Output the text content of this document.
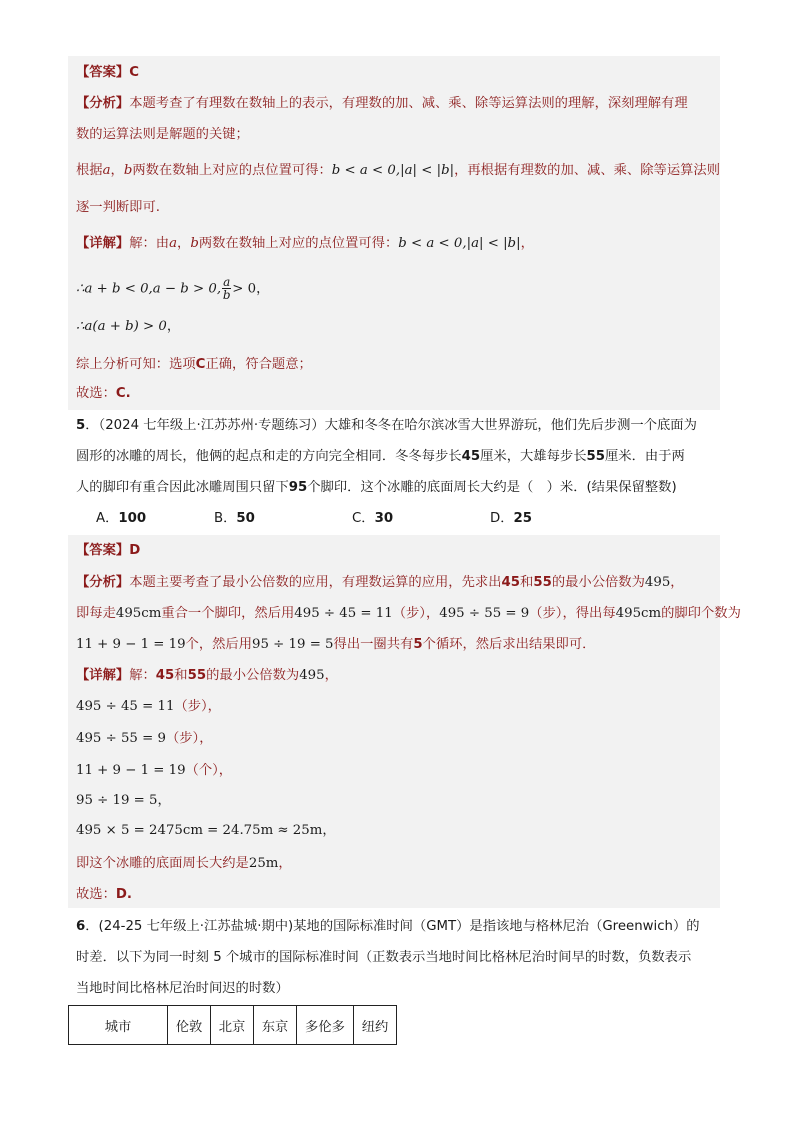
【答案】C
【分析】本题考查了有理数在数轴上的表示，有理数的加、减、乘、除等运算法则的理解，深刻理解有理
数的运算法则是解题的关键；
根据a，b两数在数轴上对应的点位置可得：b < a < 0,|a| < |b|，再根据有理数的加、减、乘、除等运算法则
逐一判断即可.
【详解】解：由a，b两数在数轴上对应的点位置可得：b < a < 0,|a| < |b|，
∴a + b < 0,a − b > 0, $\frac{a}{b} > 0$，
∴a(a + b) > 0，
综上分析可知：选项C正确，符合题意；
故选：C.
5．（2024 七年级上·江苏苏州·专题练习）大雄和冬冬在哈尔滨冰雪大世界游玩，他们先后步测一个底面为
圆形的冰雕的周长，他俩的起点和走的方向完全相同．冬冬每步长45厘米，大雄每步长55厘米．由于两
人的脚印有重合因此冰雕周围只留下95个脚印．这个冰雕的底面周长大约是（　）米．(结果保留整数)
A．100	B．50	C．30	D．25
【答案】D
【分析】本题主要考查了最小公倍数的应用，有理数运算的应用，先求出45和55的最小公倍数为495，
即每走495cm重合一个脚印，然后用495 ÷ 45 = 11（步），495 ÷ 55 = 9（步），得出每495cm的脚印个数为
11 + 9 − 1 = 19个，然后用95 ÷ 19 = 5得出一圈共有5个循环，然后求出结果即可．
【详解】解：45和55的最小公倍数为495，
495 ÷ 45 = 11（步），
495 ÷ 55 = 9（步），
11 + 9 − 1 = 19（个），
95 ÷ 19 = 5，
495 × 5 = 2475cm = 24.75m ≈ 25m，
即这个冰雕的底面周长大约是25m，
故选：D.
6．(24-25 七年级上·江苏盐城·期中)某地的国际标准时间（GMT）是指该地与格林尼治（Greenwich）的
时差．以下为同一时刻 5 个城市的国际标准时间（正数表示当地时间比格林尼治时间早的时数，负数表示
当地时间比格林尼治时间迟的时数）
城市	伦敦	北京	东京	多伦多	纽约
